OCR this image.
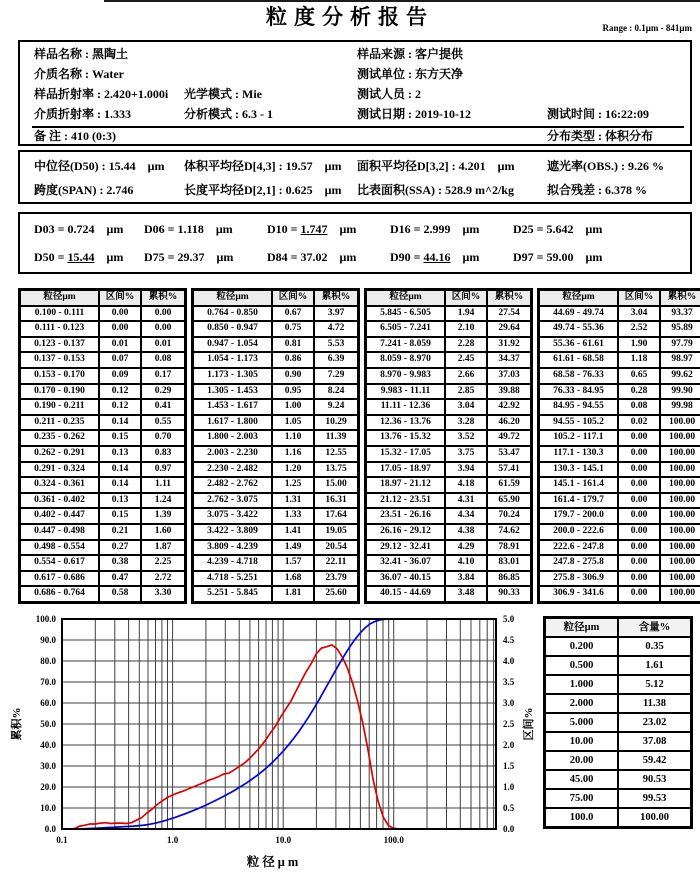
粒度分析报告	Range : 0.1μm - 841μm
样品名称 : 黑陶土	样品来源 : 客户提供
介质名称 : Water	测试单位 : 东方天净
样品折射率 : 2.420+1.000i 光学模式 : Mie	测试人员 : 2
介质折射率 : 1.333	分析模式 : 6.3 - 1	测试日期 : 2019-10-12	测试时间 : 16:22:09
备 注 : 410 (0:3)	分布类型 : 体积分布
中位径(D50) : 15.44 μm 体积平均径D[4,3] : 19.57 μm 面积平均径D[3,2] : 4.201 μm	遮光率(OBS.) : 9.26 %
跨度(SPAN) : 2.746	长度平均径D[2,1] : 0.625 μm 比表面积(SSA) : 528.9 m^2/kg	拟合残差 : 6.378 %
D03 = 0.724 μm D06 = 1.118 μm	D10 = 1.747 μm	D16 = 2.999 μm	D25 = 5.642 μm
D50 = 15.44 μm D75 = 29.37 μm	D84 = 37.02 μm	D90 = 44.16 μm	D97 = 59.00 μm
粒径μm	区间%	累积%
0.100 - 0.111	0.00	0.00
0.111 - 0.123	0.00	0.00
0.123 - 0.137	0.01	0.01
0.137 - 0.153	0.07	0.08
0.153 - 0.170	0.09	0.17
0.170 - 0.190	0.12	0.29
0.190 - 0.211	0.12	0.41
0.211 - 0.235	0.14	0.55
0.235 - 0.262	0.15	0.70
0.262 - 0.291	0.13	0.83
0.291 - 0.324	0.14	0.97
0.324 - 0.361	0.14	1.11
0.361 - 0.402	0.13	1.24
0.402 - 0.447	0.15	1.39
0.447 - 0.498	0.21	1.60
0.498 - 0.554	0.27	1.87
0.554 - 0.617	0.38	2.25
0.617 - 0.686	0.47	2.72
0.686 - 0.764	0.58	3.30
粒径μm	区间%	累积%
0.764 - 0.850	0.67	3.97
0.850 - 0.947	0.75	4.72
0.947 - 1.054	0.81	5.53
1.054 - 1.173	0.86	6.39
1.173 - 1.305	0.90	7.29
1.305 - 1.453	0.95	8.24
1.453 - 1.617	1.00	9.24
1.617 - 1.800	1.05	10.29
1.800 - 2.003	1.10	11.39
2.003 - 2.230	1.16	12.55
2.230 - 2.482	1.20	13.75
2.482 - 2.762	1.25	15.00
2.762 - 3.075	1.31	16.31
3.075 - 3.422	1.33	17.64
3.422 - 3.809	1.41	19.05
3.809 - 4.239	1.49	20.54
4.239 - 4.718	1.57	22.11
4.718 - 5.251	1.68	23.79
5.251 - 5.845	1.81	25.60
粒径μm	区间%	累积%
5.845 - 6.505	1.94	27.54
6.505 - 7.241	2.10	29.64
7.241 - 8.059	2.28	31.92
8.059 - 8.970	2.45	34.37
8.970 - 9.983	2.66	37.03
9.983 - 11.11	2.85	39.88
11.11 - 12.36	3.04	42.92
12.36 - 13.76	3.28	46.20
13.76 - 15.32	3.52	49.72
15.32 - 17.05	3.75	53.47
17.05 - 18.97	3.94	57.41
18.97 - 21.12	4.18	61.59
21.12 - 23.51	4.31	65.90
23.51 - 26.16	4.34	70.24
26.16 - 29.12	4.38	74.62
29.12 - 32.41	4.29	78.91
32.41 - 36.07	4.10	83.01
36.07 - 40.15	3.84	86.85
40.15 - 44.69	3.48	90.33
粒径μm	区间%	累积%
44.69 - 49.74	3.04	93.37
49.74 - 55.36	2.52	95.89
55.36 - 61.61	1.90	97.79
61.61 - 68.58	1.18	98.97
68.58 - 76.33	0.65	99.62
76.33 - 84.95	0.28	99.90
84.95 - 94.55	0.08	99.98
94.55 - 105.2	0.02	100.00
105.2 - 117.1	0.00	100.00
117.1 - 130.3	0.00	100.00
130.3 - 145.1	0.00	100.00
145.1 - 161.4	0.00	100.00
161.4 - 179.7	0.00	100.00
179.7 - 200.0	0.00	100.00
200.0 - 222.6	0.00	100.00
222.6 - 247.8	0.00	100.00
247.8 - 275.8	0.00	100.00
275.8 - 306.9	0.00	100.00
306.9 - 341.6	0.00	100.00
0.0
10.0
20.0
30.0
40.0
50.0
60.0
70.0
80.0
90.0
100.0
0.0
0.5
1.0
1.5
2.0
2.5
3.0
3.5
4.0
4.5
5.0
0.1	1.0	10.0	100.0
累积%	区间%
粒径μm
粒径μm	含量%
0.200	0.35
0.500	1.61
1.000	5.12
2.000	11.38
5.000	23.02
10.00	37.08
20.00	59.42
45.00	90.53
75.00	99.53
100.0	100.00
